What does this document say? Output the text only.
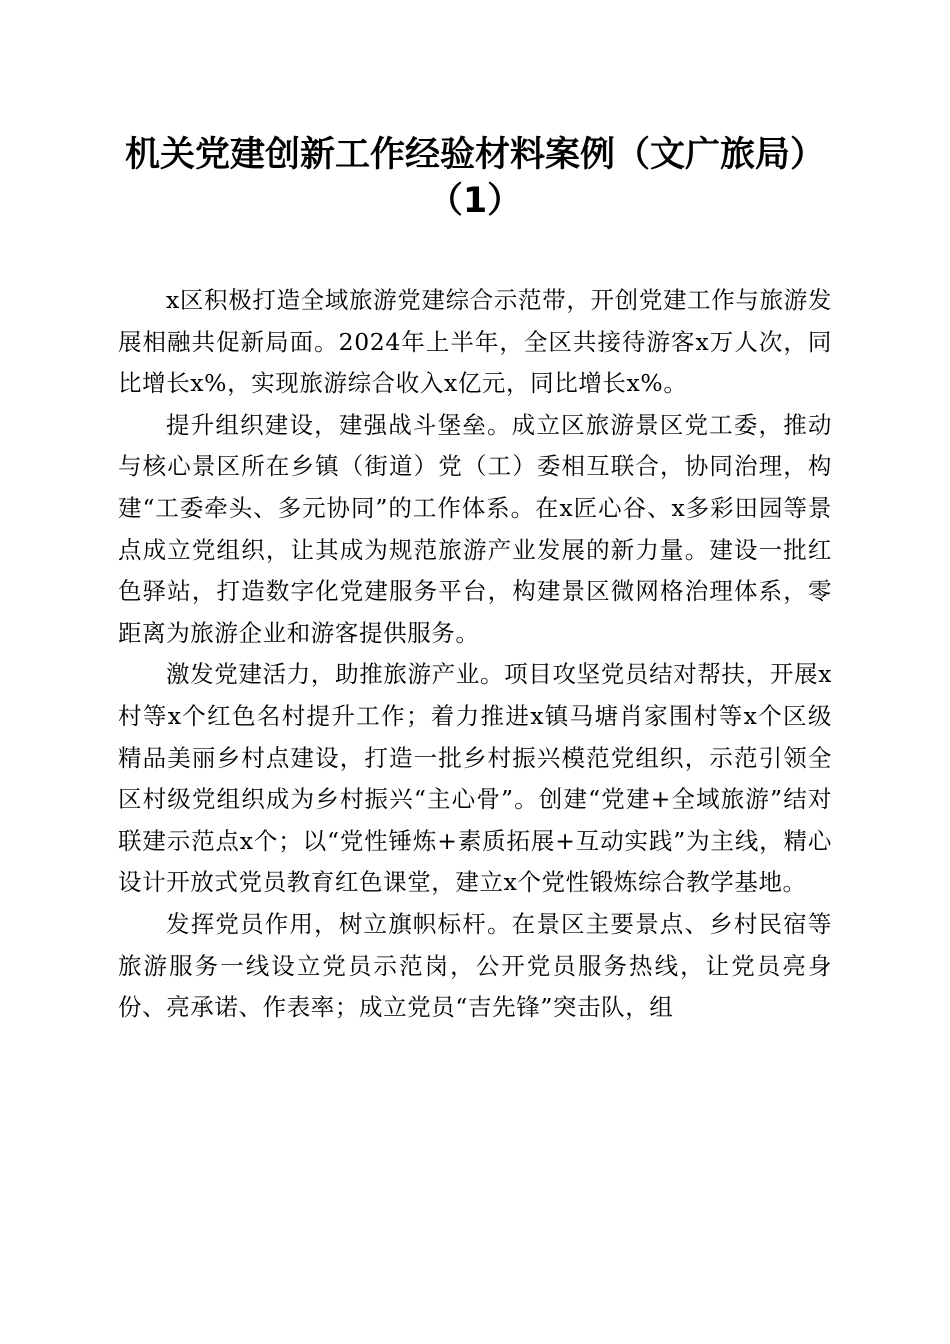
机关党建创新工作经验材料案例（文广旅局）
（1）

x区积极打造全域旅游党建综合示范带，开创党建工作与旅游发展相融共促新局面。2024年上半年，全区共接待游客x万人次，同比增长x%，实现旅游综合收入x亿元，同比增长x%。

提升组织建设，建强战斗堡垒。成立区旅游景区党工委，推动与核心景区所在乡镇（街道）党（工）委相互联合，协同治理，构建“工委牵头、多元协同”的工作体系。在x匠心谷、x多彩田园等景点成立党组织，让其成为规范旅游产业发展的新力量。建设一批红色驿站，打造数字化党建服务平台，构建景区微网格治理体系，零距离为旅游企业和游客提供服务。

激发党建活力，助推旅游产业。项目攻坚党员结对帮扶，开展x村等x个红色名村提升工作；着力推进x镇马塘肖家围村等x个区级精品美丽乡村点建设，打造一批乡村振兴模范党组织，示范引领全区村级党组织成为乡村振兴“主心骨”。创建“党建+全域旅游”结对联建示范点x个；以“党性锤炼+素质拓展+互动实践”为主线，精心设计开放式党员教育红色课堂，建立x个党性锻炼综合教学基地。

发挥党员作用，树立旗帜标杆。在景区主要景点、乡村民宿等旅游服务一线设立党员示范岗，公开党员服务热线，让党员亮身份、亮承诺、作表率；成立党员“吉先锋”突击队，组
